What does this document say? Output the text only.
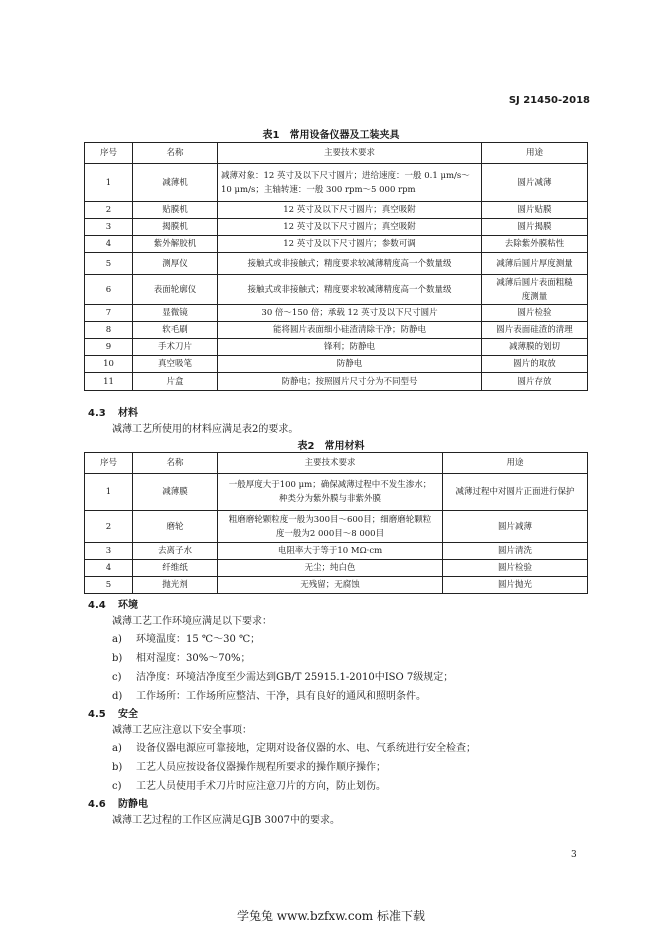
SJ 21450-2018
表1　常用设备仪器及工装夹具
序号	名称	主要技术要求	用途
1	减薄机	减薄对象：12 英寸及以下尺寸圆片；进给速度：一般 0.1 μm/s～
10 μm/s；主轴转速：一般 300 rpm～5 000 rpm	圆片减薄

2	贴膜机	12 英寸及以下尺寸圆片；真空吸附	圆片贴膜

3	揭膜机	12 英寸及以下尺寸圆片；真空吸附	圆片揭膜

4	紫外解胶机	12 英寸及以下尺寸圆片；参数可调	去除紫外膜粘性

5	测厚仪	接触式或非接触式；精度要求较减薄精度高一个数量级	减薄后圆片厚度测量

6	表面轮廓仪	接触式或非接触式；精度要求较减薄精度高一个数量级	减薄后圆片表面粗糙
度测量

7	显微镜	30 倍～150 倍；承载 12 英寸及以下尺寸圆片	圆片检验

8	软毛刷	能将圆片表面细小硅渣清除干净；防静电	圆片表面硅渣的清理

9	手术刀片	锋利；防静电	减薄膜的划切

10	真空吸笔	防静电	圆片的取放

11	片盒	防静电；按照圆片尺寸分为不同型号	圆片存放
4.3 材料
减薄工艺所使用的材料应满足表2的要求。
表2　常用材料
序号	名称	主要技术要求	用途
1	减薄膜	一般厚度大于100 μm；确保减薄过程中不发生渗水；
种类分为紫外膜与非紫外膜	减薄过程中对圆片正面进行保护

2	磨轮	粗磨磨轮颗粒度一般为300目～600目；细磨磨轮颗粒
度一般为2 000目～8 000目	圆片减薄

3	去离子水	电阻率大于等于10 MΩ·cm	圆片清洗

4	纤维纸	无尘；纯白色	圆片检验

5	抛光剂	无残留；无腐蚀	圆片抛光
4.4 环境
减薄工艺工作环境应满足以下要求：
a) 环境温度：15 ℃～30 ℃；
b) 相对湿度：30%～70%；
c) 洁净度：环境洁净度至少需达到GB/T 25915.1-2010中ISO 7级规定；
d) 工作场所：工作场所应整洁、干净，具有良好的通风和照明条件。
4.5 安全
减薄工艺应注意以下安全事项：
a) 设备仪器电源应可靠接地，定期对设备仪器的水、电、气系统进行安全检查；
b) 工艺人员应按设备仪器操作规程所要求的操作顺序操作；
c) 工艺人员使用手术刀片时应注意刀片的方向，防止划伤。
4.6 防静电
减薄工艺过程的工作区应满足GJB 3007中的要求。
3
学兔兔 www.bzfxw.com 标准下载
